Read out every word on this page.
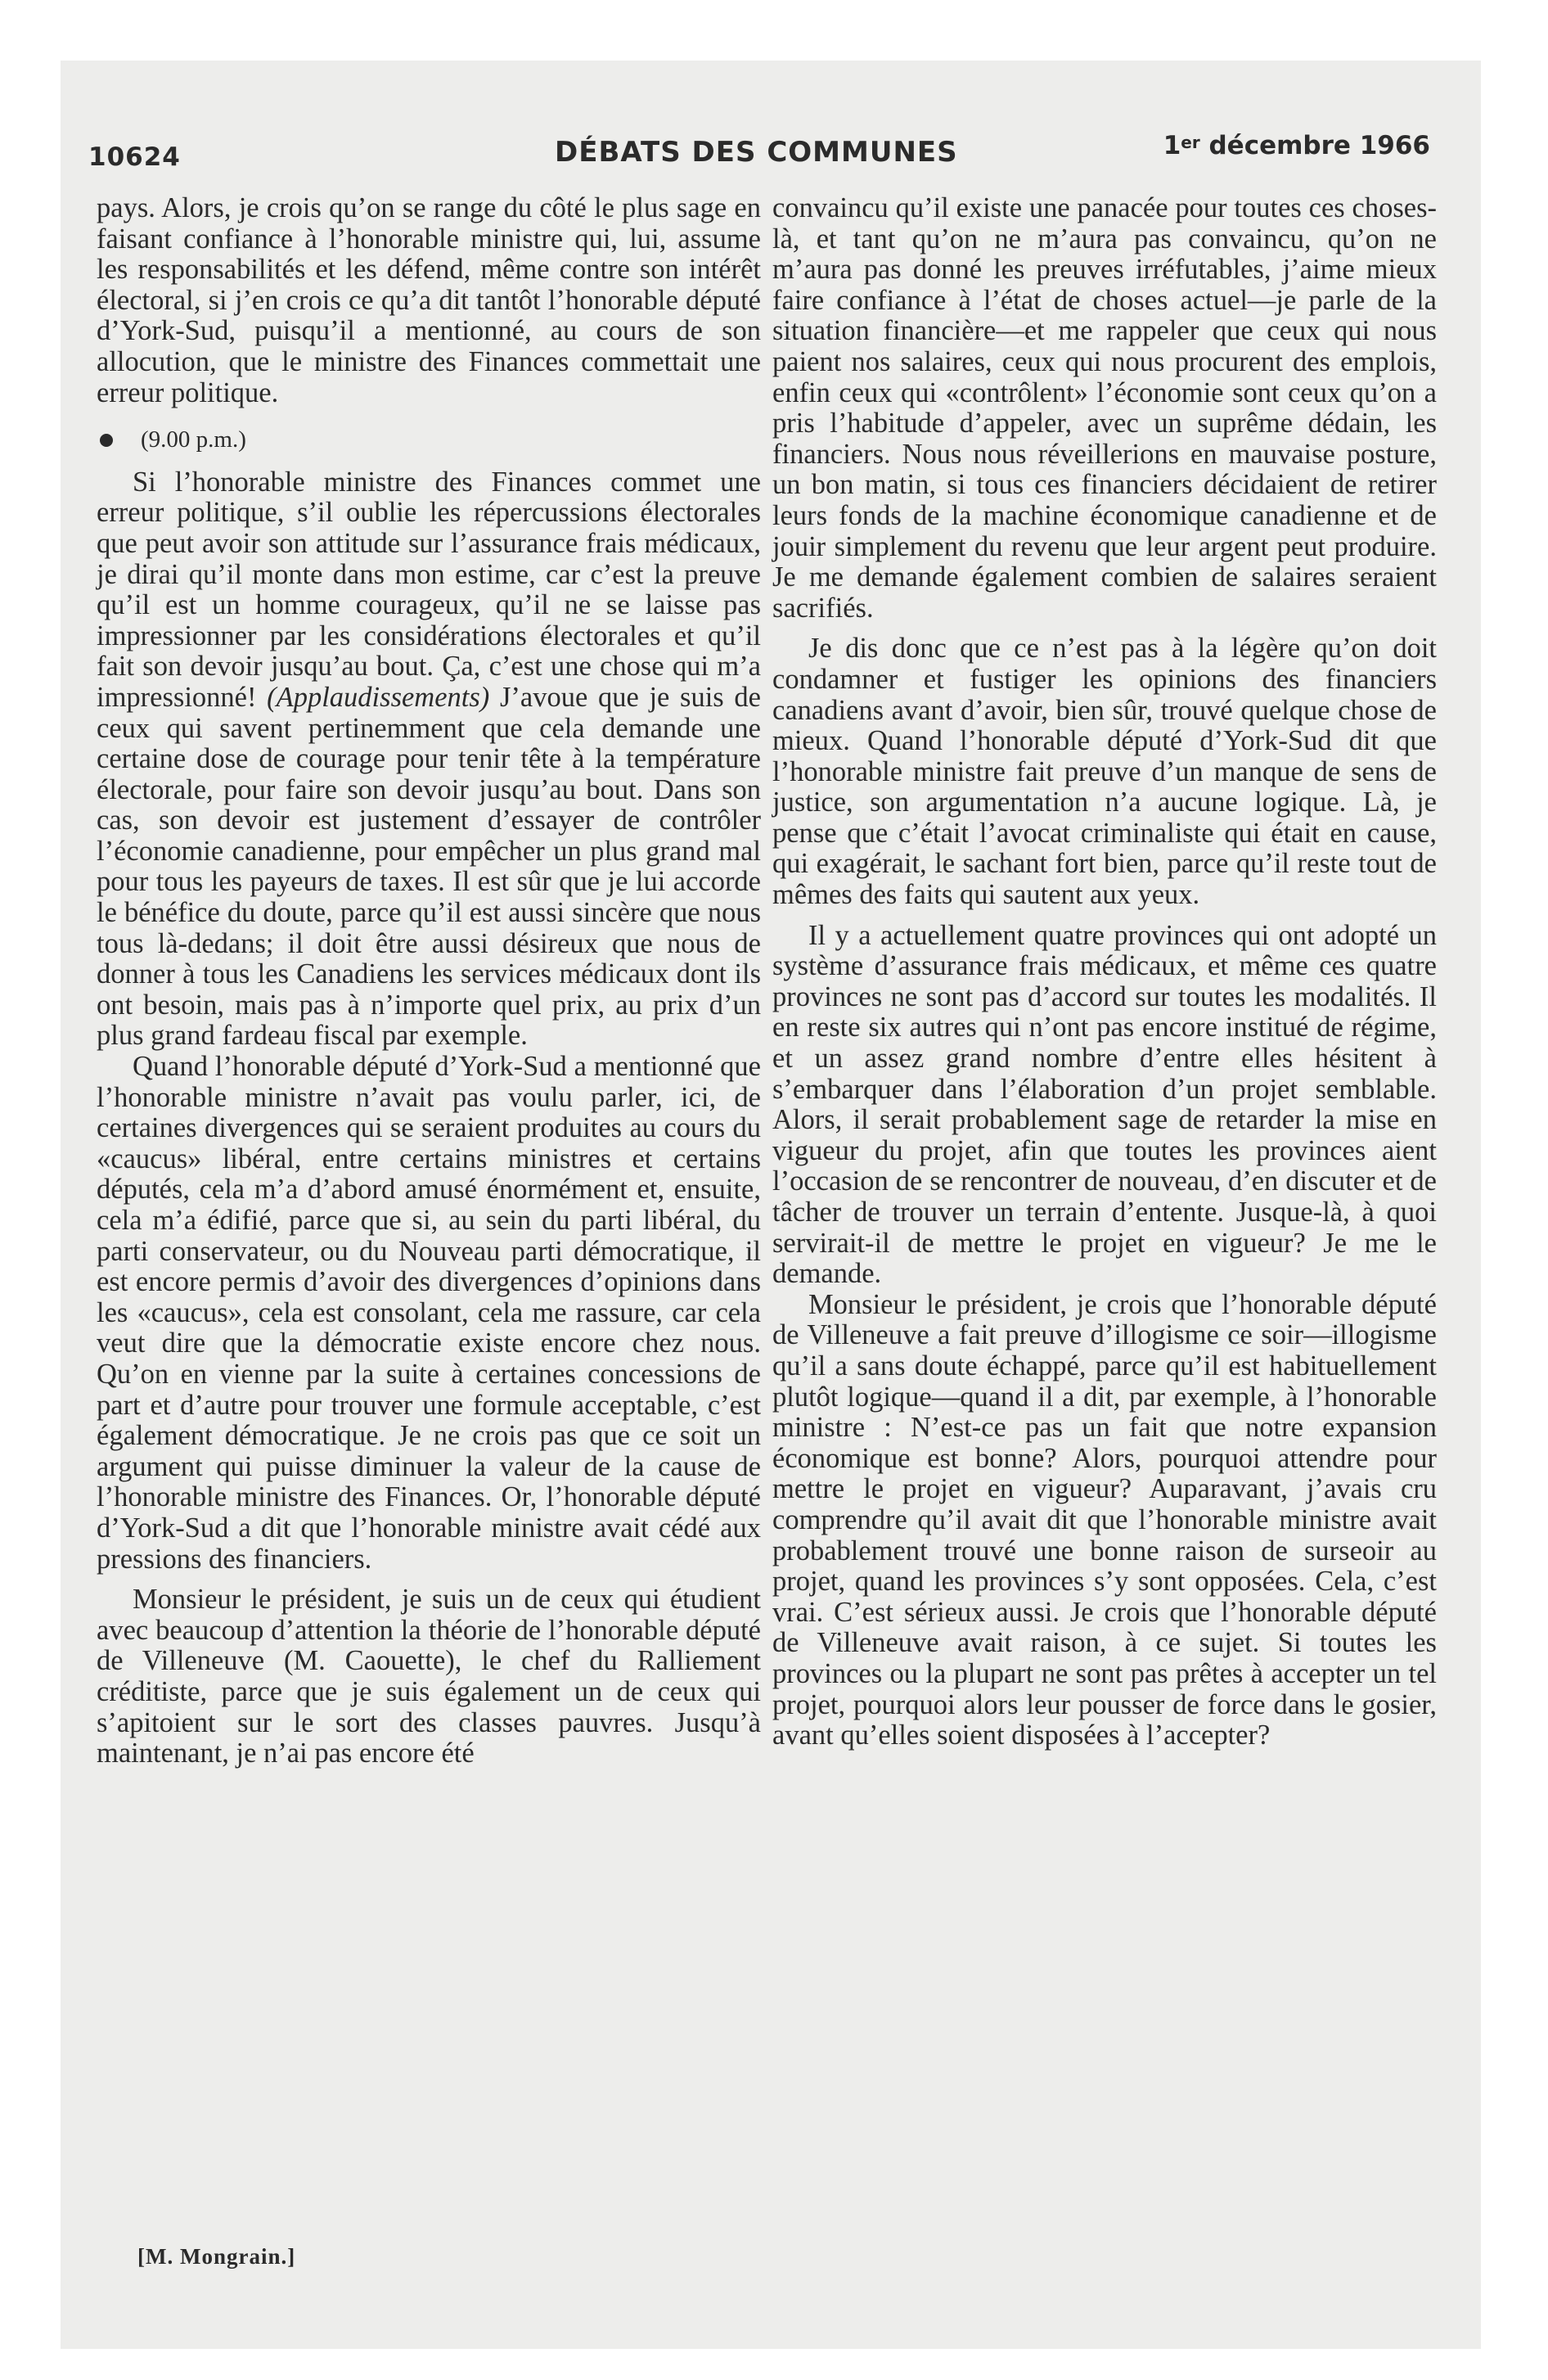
10624	DÉBATS DES COMMUNES	1er décembre 1966

pays. Alors, je crois qu’on se range du côté le plus sage en faisant confiance à l’honorable ministre qui, lui, assume les responsabilités et les défend, même contre son intérêt électoral, si j’en crois ce qu’a dit tantôt l’honorable député d’York-Sud, puisqu’il a mentionné, au cours de son allocution, que le ministre des Finances commettait une erreur politique.

(9.00 p.m.)

Si l’honorable ministre des Finances commet une erreur politique, s’il oublie les répercussions électorales que peut avoir son attitude sur l’assurance frais médicaux, je dirai qu’il monte dans mon estime, car c’est la preuve qu’il est un homme courageux, qu’il ne se laisse pas impressionner par les considérations électorales et qu’il fait son devoir jusqu’au bout. Ça, c’est une chose qui m’a impressionné! (Applaudissements) J’avoue que je suis de ceux qui savent pertinemment que cela demande une certaine dose de courage pour tenir tête à la température électorale, pour faire son devoir jusqu’au bout. Dans son cas, son devoir est justement d’essayer de contrôler l’économie canadienne, pour empêcher un plus grand mal pour tous les payeurs de taxes. Il est sûr que je lui accorde le bénéfice du doute, parce qu’il est aussi sincère que nous tous là-dedans; il doit être aussi désireux que nous de donner à tous les Canadiens les services médicaux dont ils ont besoin, mais pas à n’importe quel prix, au prix d’un plus grand fardeau fiscal par exemple.

Quand l’honorable député d’York-Sud a mentionné que l’honorable ministre n’avait pas voulu parler, ici, de certaines divergences qui se seraient produites au cours du «caucus» libéral, entre certains ministres et certains députés, cela m’a d’abord amusé énormément et, ensuite, cela m’a édifié, parce que si, au sein du parti libéral, du parti conservateur, ou du Nouveau parti démocratique, il est encore permis d’avoir des divergences d’opinions dans les «caucus», cela est consolant, cela me rassure, car cela veut dire que la démocratie existe encore chez nous. Qu’on en vienne par la suite à certaines concessions de part et d’autre pour trouver une formule acceptable, c’est également démocratique. Je ne crois pas que ce soit un argument qui puisse diminuer la valeur de la cause de l’honorable ministre des Finances. Or, l’honorable député d’York-Sud a dit que l’honorable ministre avait cédé aux pressions des financiers.

Monsieur le président, je suis un de ceux qui étudient avec beaucoup d’attention la théorie de l’honorable député de Villeneuve (M. Caouette), le chef du Ralliement créditiste, parce que je suis également un de ceux qui s’apitoient sur le sort des classes pauvres. Jusqu’à maintenant, je n’ai pas encore été

[M. Mongrain.]

convaincu qu’il existe une panacée pour toutes ces choses-là, et tant qu’on ne m’aura pas convaincu, qu’on ne m’aura pas donné les preuves irréfutables, j’aime mieux faire confiance à l’état de choses actuel—je parle de la situation financière—et me rappeler que ceux qui nous paient nos salaires, ceux qui nous procurent des emplois, enfin ceux qui «contrôlent» l’économie sont ceux qu’on a pris l’habitude d’appeler, avec un suprême dédain, les financiers. Nous nous réveillerions en mauvaise posture, un bon matin, si tous ces financiers décidaient de retirer leurs fonds de la machine économique canadienne et de jouir simplement du revenu que leur argent peut produire. Je me demande également combien de salaires seraient sacrifiés.

Je dis donc que ce n’est pas à la légère qu’on doit condamner et fustiger les opinions des financiers canadiens avant d’avoir, bien sûr, trouvé quelque chose de mieux. Quand l’honorable député d’York-Sud dit que l’honorable ministre fait preuve d’un manque de sens de justice, son argumentation n’a aucune logique. Là, je pense que c’était l’avocat criminaliste qui était en cause, qui exagérait, le sachant fort bien, parce qu’il reste tout de mêmes des faits qui sautent aux yeux.

Il y a actuellement quatre provinces qui ont adopté un système d’assurance frais médicaux, et même ces quatre provinces ne sont pas d’accord sur toutes les modalités. Il en reste six autres qui n’ont pas encore institué de régime, et un assez grand nombre d’entre elles hésitent à s’embarquer dans l’élaboration d’un projet semblable. Alors, il serait probablement sage de retarder la mise en vigueur du projet, afin que toutes les provinces aient l’occasion de se rencontrer de nouveau, d’en discuter et de tâcher de trouver un terrain d’entente. Jusque-là, à quoi servirait-il de mettre le projet en vigueur? Je me le demande.

Monsieur le président, je crois que l’honorable député de Villeneuve a fait preuve d’illogisme ce soir—illogisme qu’il a sans doute échappé, parce qu’il est habituellement plutôt logique—quand il a dit, par exemple, à l’honorable ministre : N’est-ce pas un fait que notre expansion économique est bonne? Alors, pourquoi attendre pour mettre le projet en vigueur? Auparavant, j’avais cru comprendre qu’il avait dit que l’honorable ministre avait probablement trouvé une bonne raison de surseoir au projet, quand les provinces s’y sont opposées. Cela, c’est vrai. C’est sérieux aussi. Je crois que l’honorable député de Villeneuve avait raison, à ce sujet. Si toutes les provinces ou la plupart ne sont pas prêtes à accepter un tel projet, pourquoi alors leur pousser de force dans le gosier, avant qu’elles soient disposées à l’accepter?
